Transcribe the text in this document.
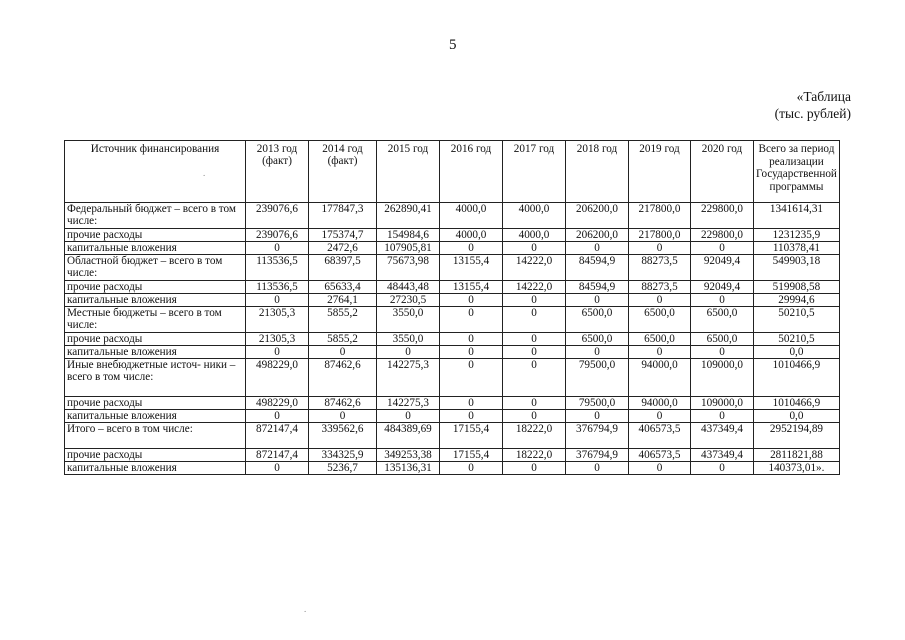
5
«Таблица
(тыс. рублей)
Источник финансирования	2013 год (факт)	2014 год (факт)	2015 год	2016 год	2017 год	2018 год	2019 год	2020 год	Всего за период реализации Государственной программы
Федеральный бюджет – всего в том числе:	239076,6	177847,3	262890,41	4000,0	4000,0	206200,0	217800,0	229800,0	1341614,31
прочие расходы	239076,6	175374,7	154984,6	4000,0	4000,0	206200,0	217800,0	229800,0	1231235,9
капитальные вложения	0	2472,6	107905,81	0	0	0	0	0	110378,41
Областной бюджет – всего в том числе:	113536,5	68397,5	75673,98	13155,4	14222,0	84594,9	88273,5	92049,4	549903,18
прочие расходы	113536,5	65633,4	48443,48	13155,4	14222,0	84594,9	88273,5	92049,4	519908,58
капитальные вложения	0	2764,1	27230,5	0	0	0	0	0	29994,6
Местные бюджеты – всего в том числе:	21305,3	5855,2	3550,0	0	0	6500,0	6500,0	6500,0	50210,5
прочие расходы	21305,3	5855,2	3550,0	0	0	6500,0	6500,0	6500,0	50210,5
капитальные вложения	0	0	0	0	0	0	0	0	0,0
Иные внебюджетные источ- ники – всего в том числе:	498229,0	87462,6	142275,3	0	0	79500,0	94000,0	109000,0	1010466,9
прочие расходы	498229,0	87462,6	142275,3	0	0	79500,0	94000,0	109000,0	1010466,9
капитальные вложения	0	0	0	0	0	0	0	0	0,0
Итого – всего в том числе:	872147,4	339562,6	484389,69	17155,4	18222,0	376794,9	406573,5	437349,4	2952194,89
прочие расходы	872147,4	334325,9	349253,38	17155,4	18222,0	376794,9	406573,5	437349,4	2811821,88
капитальные вложения	0	5236,7	135136,31	0	0	0	0	0	140373,01».
.
.
